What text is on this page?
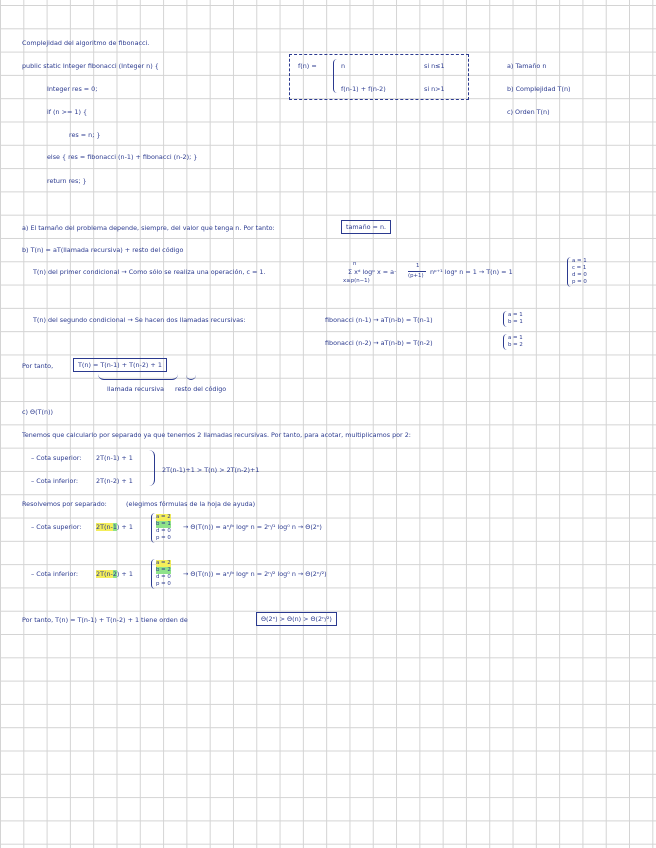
Complejidad del algoritmo de fibonacci.
public static Integer fibonacci (Integer n) {
Integer res = 0;
if (n >= 1) {
res = n; }
else { res = fibonacci (n-1) + fibonacci (n-2); }
return res; }
f(n) =	n	si n≤1
f(n-1) + f(n-2)	si n>1
a) Tamaño n
b) Complejidad T(n)
c) Orden T(n)
a) El tamaño del problema depende, siempre, del valor que tenga n. Por tanto:	tamaño = n.
b) T(n) = aT(llamada recursiva) + resto del código
T(n) del primer condicional → Como sólo se realiza una operación, c = 1.
n
x≥p(n−1)
Σ xᵈ logᵖ x = a·
1
(p+1) nᵖ⁺¹ logᵖ n = 1 → T(n) = 1
a = 1
c = 1
d = 0
p = 0
T(n) del segundo condicional → Se hacen dos llamadas recursivas:	fibonacci (n-1) → aT(n-b) = T(n-1)
a = 1
b = 1
fibonacci (n-2) → aT(n-b) = T(n-2)
a = 1
b = 2
Por tanto,	T(n) = T(n-1) + T(n-2) + 1
llamada recursiva resto del código
c) Θ(T(n))
Tenemos que calcularlo por separado ya que tenemos 2 llamadas recursivas. Por tanto, para acotar, multiplicamos por 2:
– Cota superior: 2T(n-1) + 1
– Cota inferior:	2T(n-2) + 1
2T(n-1)+1 > T(n) > 2T(n-2)+1
Resolvemos por separado:	(elegimos fórmulas de la hoja de ayuda)
– Cota superior: 2T(n-1) + 1
a = 2
b = 1
d = 0
p = 0
→ Θ(T(n)) = aⁿ/ᵇ logᵖ n = 2ⁿ/¹ log⁰ n → Θ(2ⁿ)
– Cota inferior:	2T(n-2) + 1
a = 2
b = 2
d = 0
p = 0
→ Θ(T(n)) = aⁿ/ᵇ logᵖ n = 2ⁿ/² log⁰ n → Θ(2ⁿ/²)
Por tanto, T(n) = T(n-1) + T(n-2) + 1 tiene orden de	Θ(2ⁿ) > Θ(n) > Θ(2ⁿ/²)
